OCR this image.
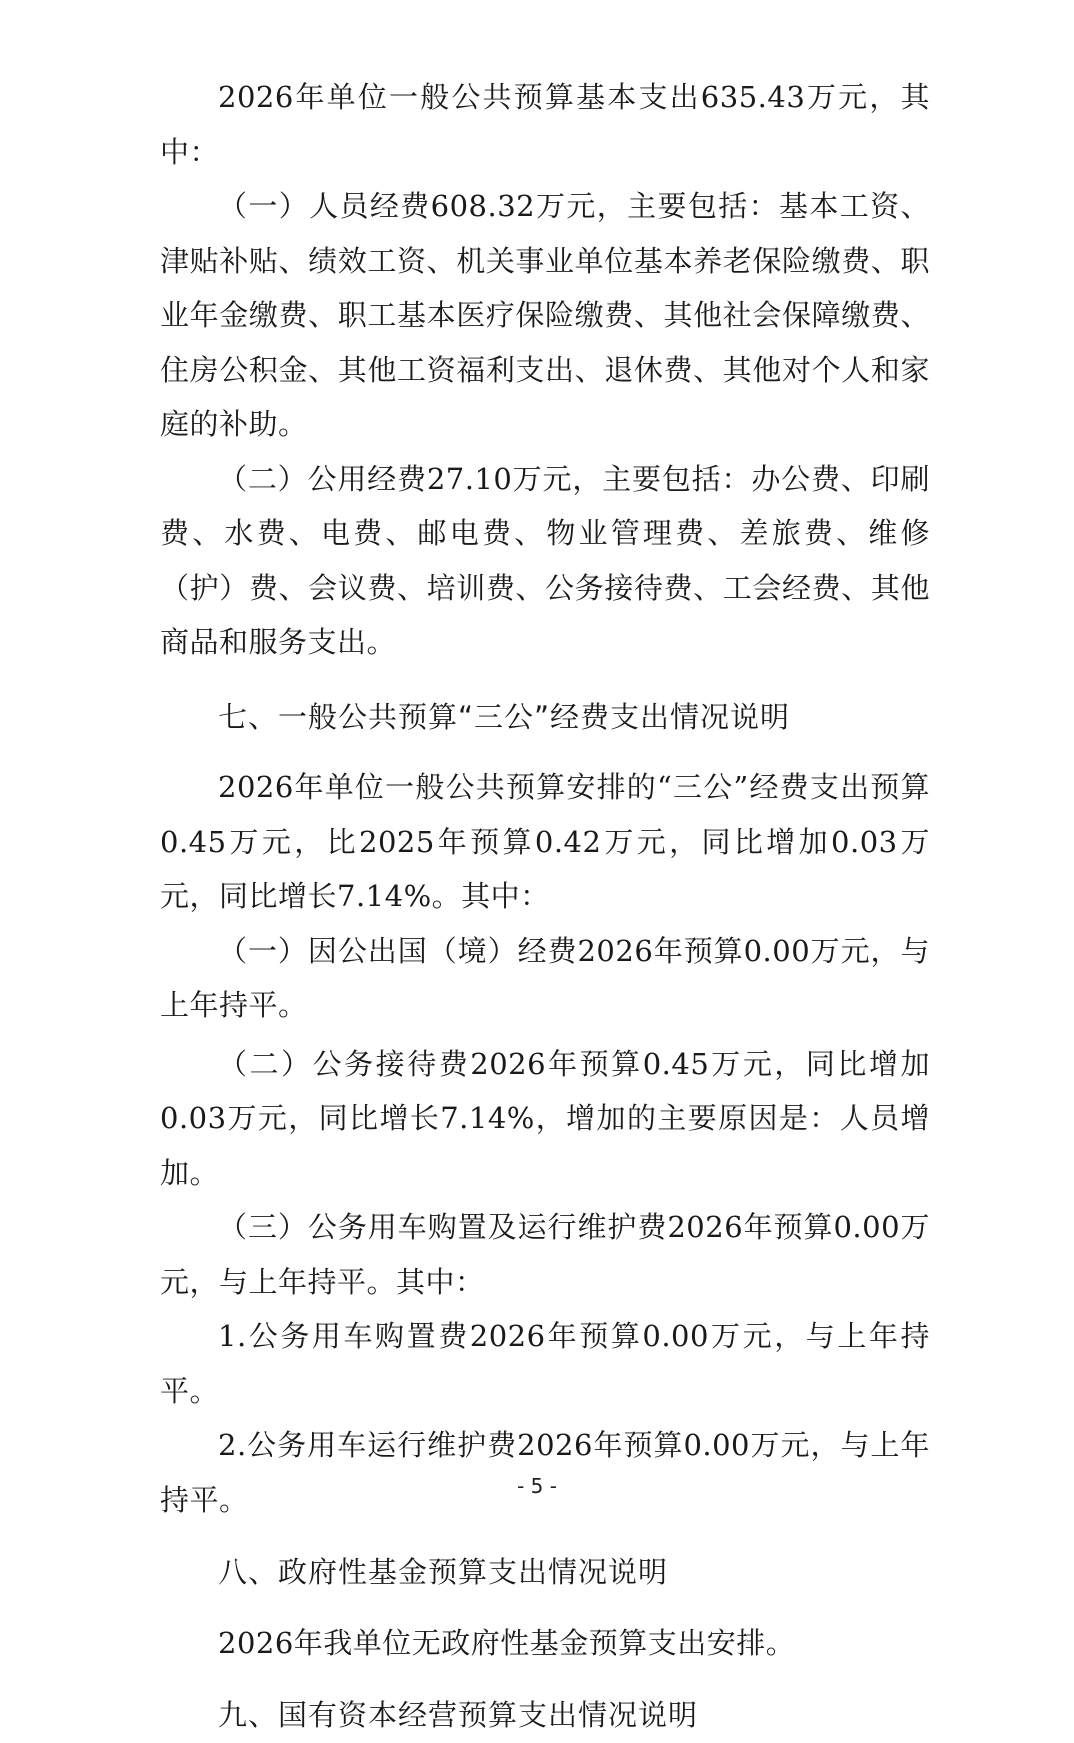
2026年单位一般公共预算基本支出635.43万元，其中：

（一）人员经费608.32万元，主要包括：基本工资、津贴补贴、绩效工资、机关事业单位基本养老保险缴费、职业年金缴费、职工基本医疗保险缴费、其他社会保障缴费、住房公积金、其他工资福利支出、退休费、其他对个人和家庭的补助。

（二）公用经费27.10万元，主要包括：办公费、印刷费、水费、电费、邮电费、物业管理费、差旅费、维修（护）费、会议费、培训费、公务接待费、工会经费、其他商品和服务支出。

七、一般公共预算“三公”经费支出情况说明

2026年单位一般公共预算安排的“三公”经费支出预算0.45万元，比2025年预算0.42万元，同比增加0.03万元，同比增长7.14%。其中：

（一）因公出国（境）经费2026年预算0.00万元，与上年持平。

（二）公务接待费2026年预算0.45万元，同比增加0.03万元，同比增长7.14%，增加的主要原因是：人员增加。

（三）公务用车购置及运行维护费2026年预算0.00万元，与上年持平。其中：

1.公务用车购置费2026年预算0.00万元，与上年持平。

2.公务用车运行维护费2026年预算0.00万元，与上年持平。

八、政府性基金预算支出情况说明

2026年我单位无政府性基金预算支出安排。

九、国有资本经营预算支出情况说明
- 5 -
